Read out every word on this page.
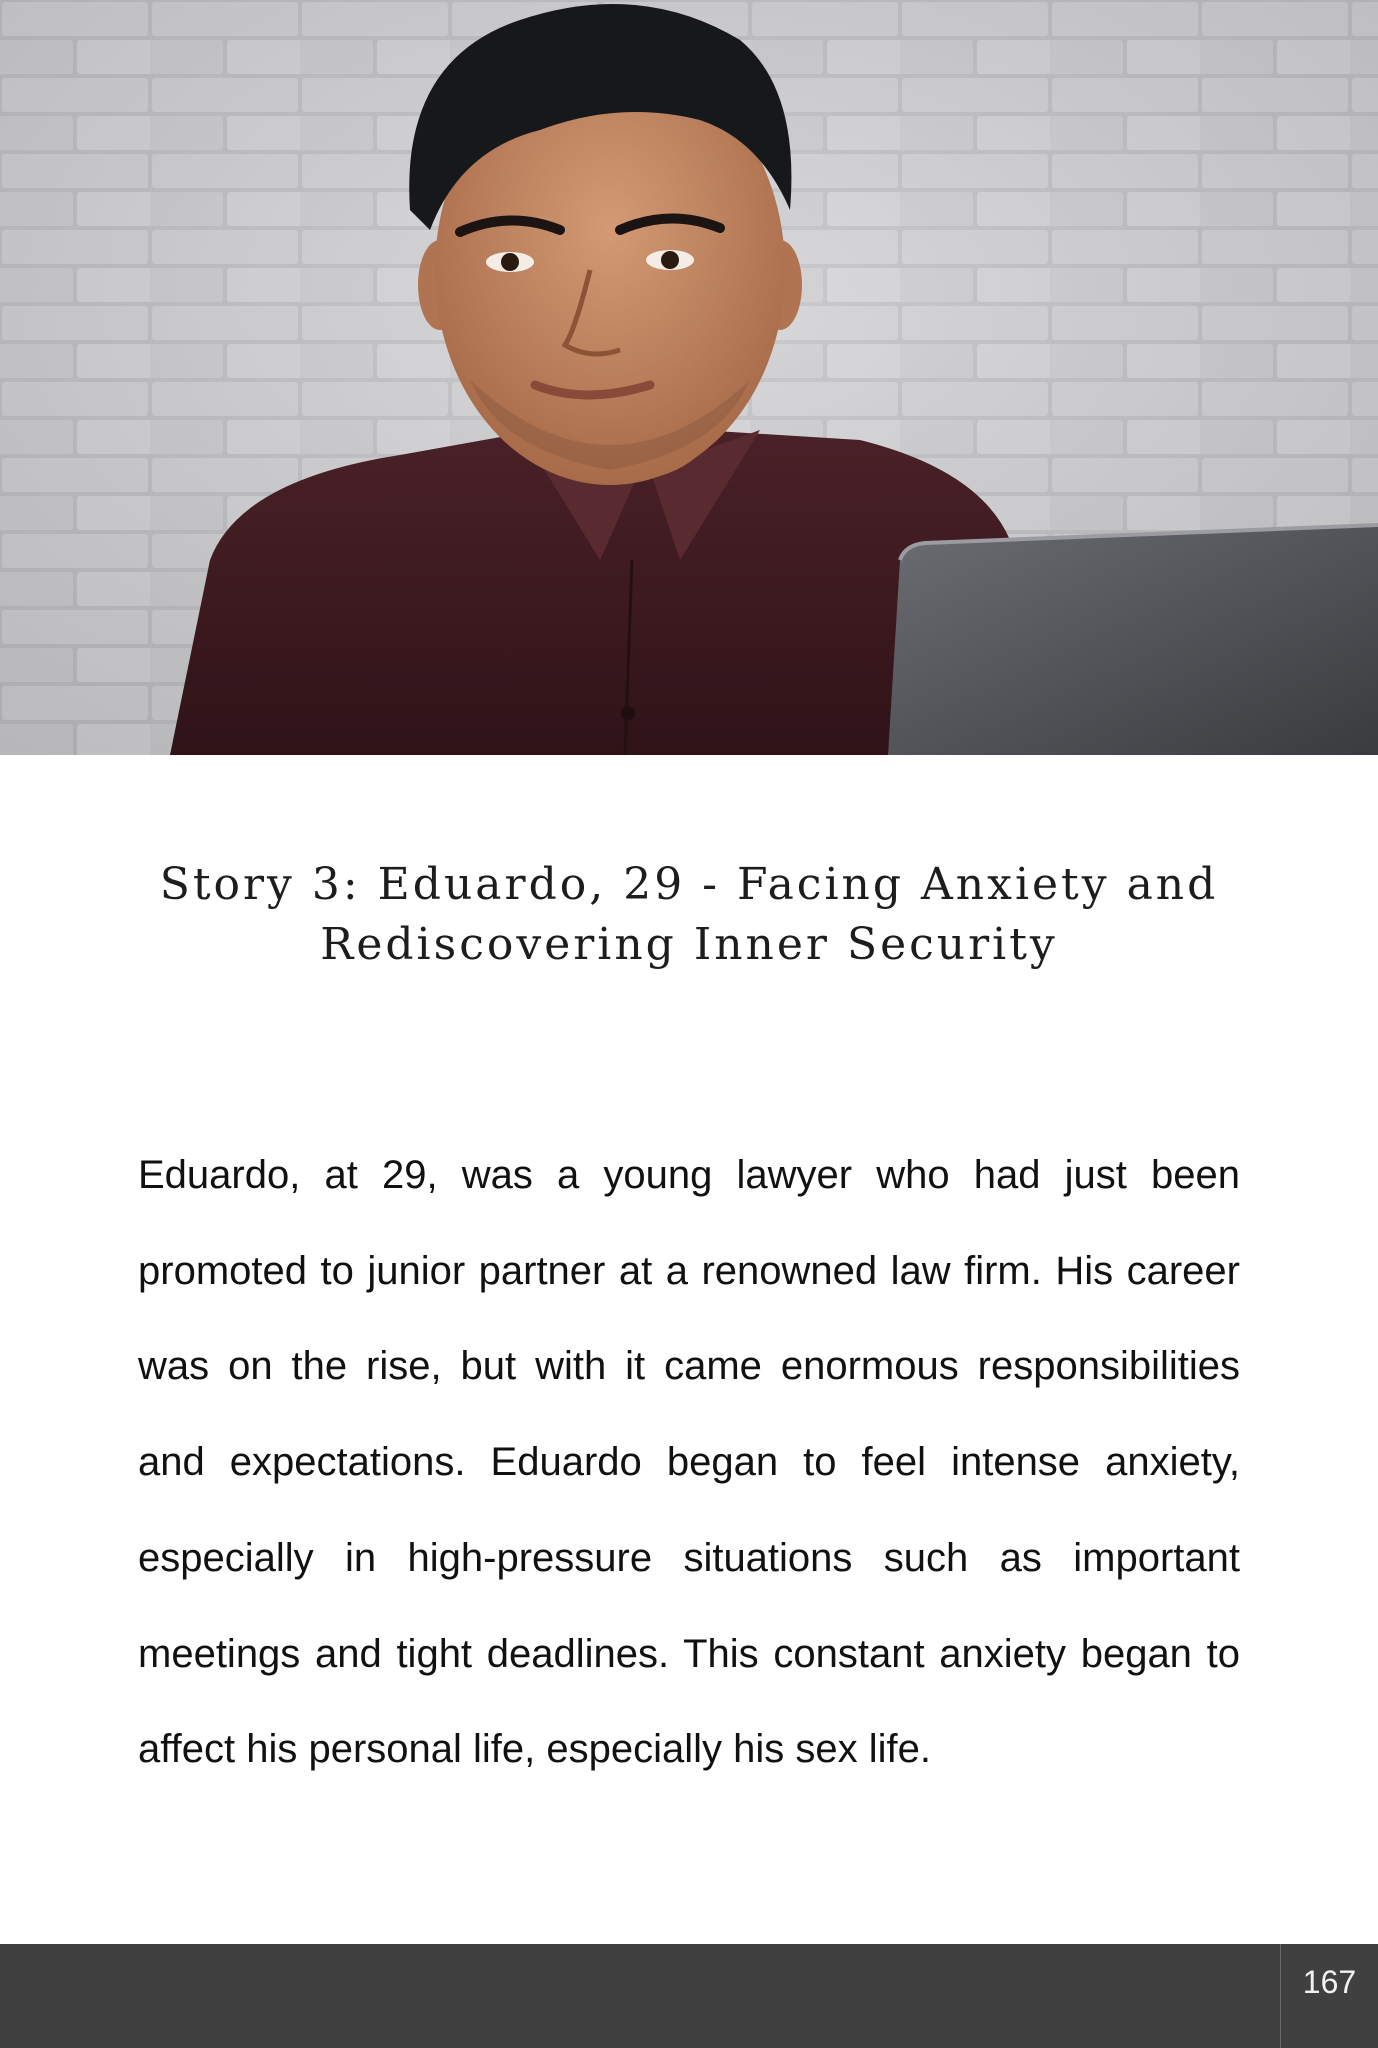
Story 3: Eduardo, 29 - Facing Anxiety and
Rediscovering Inner Security

Eduardo, at 29, was a young lawyer who had just been promoted to junior partner at a renowned law firm. His career was on the rise, but with it came enormous responsibilities and expectations. Eduardo began to feel intense anxiety, especially in high-pressure situations such as important meetings and tight deadlines. This constant anxiety began to affect his personal life, especially his sex life.

167
